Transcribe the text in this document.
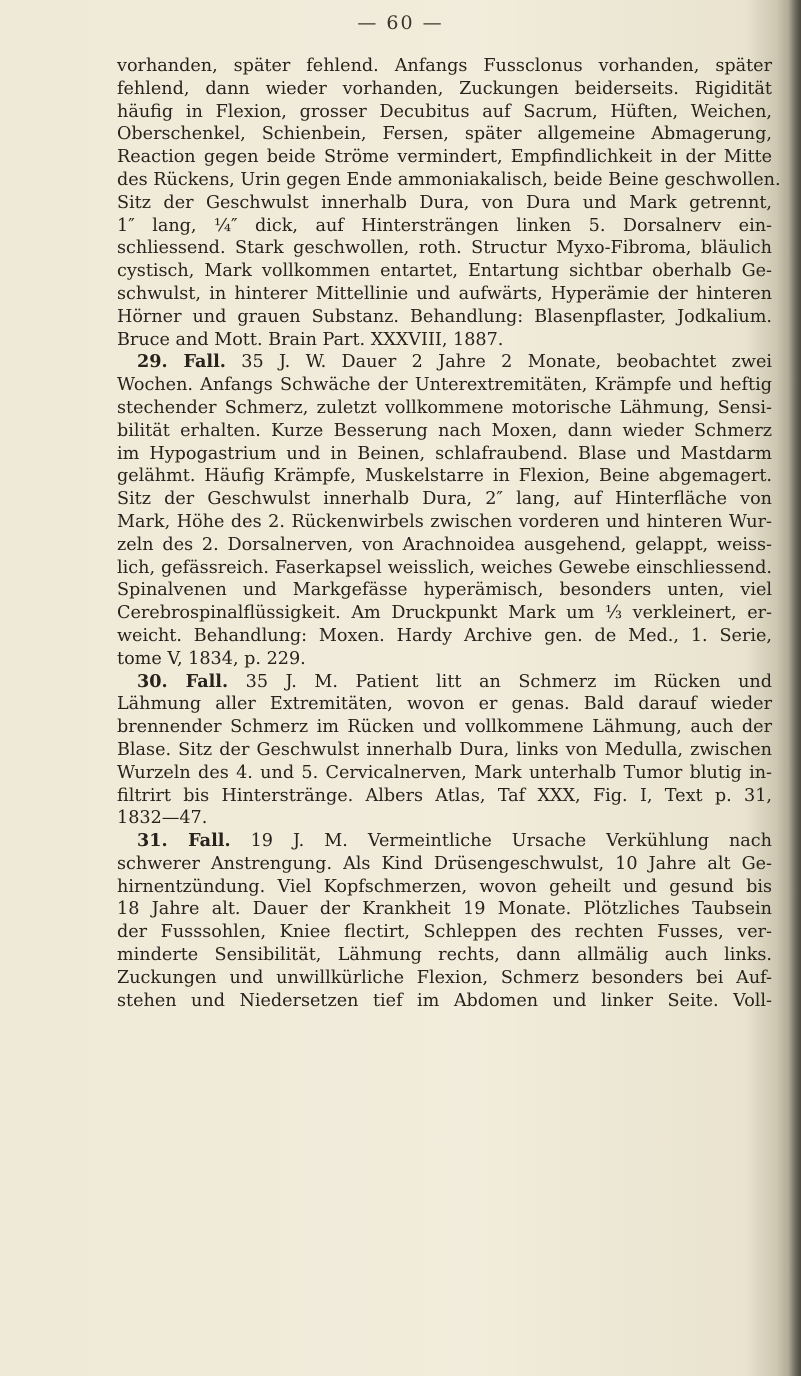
— 60 —
vorhanden, später fehlend. Anfangs Fussclonus vorhanden, später
fehlend, dann wieder vorhanden, Zuckungen beiderseits. Rigidität
häufig in Flexion, grosser Decubitus auf Sacrum, Hüften, Weichen,
Oberschenkel, Schienbein, Fersen, später allgemeine Abmagerung,
Reaction gegen beide Ströme vermindert, Empfindlichkeit in der Mitte
des Rückens, Urin gegen Ende ammoniakalisch, beide Beine geschwollen.
Sitz der Geschwulst innerhalb Dura, von Dura und Mark getrennt,
1″ lang, ¼″ dick, auf Hintersträngen linken 5. Dorsalnerv ein-
schliessend. Stark geschwollen, roth. Structur Myxo-Fibroma, bläulich
cystisch, Mark vollkommen entartet, Entartung sichtbar oberhalb Ge-
schwulst, in hinterer Mittellinie und aufwärts, Hyperämie der hinteren
Hörner und grauen Substanz. Behandlung: Blasenpflaster, Jodkalium.
Bruce and Mott. Brain Part. XXXVIII, 1887.
29. Fall. 35 J. W. Dauer 2 Jahre 2 Monate, beobachtet zwei
Wochen. Anfangs Schwäche der Unterextremitäten, Krämpfe und heftig
stechender Schmerz, zuletzt vollkommene motorische Lähmung, Sensi-
bilität erhalten. Kurze Besserung nach Moxen, dann wieder Schmerz
im Hypogastrium und in Beinen, schlafraubend. Blase und Mastdarm
gelähmt. Häufig Krämpfe, Muskelstarre in Flexion, Beine abgemagert.
Sitz der Geschwulst innerhalb Dura, 2″ lang, auf Hinterfläche von
Mark, Höhe des 2. Rückenwirbels zwischen vorderen und hinteren Wur-
zeln des 2. Dorsalnerven, von Arachnoidea ausgehend, gelappt, weiss-
lich, gefässreich. Faserkapsel weisslich, weiches Gewebe einschliessend.
Spinalvenen und Markgefässe hyperämisch, besonders unten, viel
Cerebrospinalflüssigkeit. Am Druckpunkt Mark um ⅓ verkleinert, er-
weicht. Behandlung: Moxen. Hardy Archive gen. de Med., 1. Serie,
tome V, 1834, p. 229.
30. Fall. 35 J. M. Patient litt an Schmerz im Rücken und
Lähmung aller Extremitäten, wovon er genas. Bald darauf wieder
brennender Schmerz im Rücken und vollkommene Lähmung, auch der
Blase. Sitz der Geschwulst innerhalb Dura, links von Medulla, zwischen
Wurzeln des 4. und 5. Cervicalnerven, Mark unterhalb Tumor blutig in-
filtrirt bis Hinterstränge. Albers Atlas, Taf XXX, Fig. I, Text p. 31,
1832—47.
31. Fall. 19 J. M. Vermeintliche Ursache Verkühlung nach
schwerer Anstrengung. Als Kind Drüsengeschwulst, 10 Jahre alt Ge-
hirnentzündung. Viel Kopfschmerzen, wovon geheilt und gesund bis
18 Jahre alt. Dauer der Krankheit 19 Monate. Plötzliches Taubsein
der Fusssohlen, Kniee flectirt, Schleppen des rechten Fusses, ver-
minderte Sensibilität, Lähmung rechts, dann allmälig auch links.
Zuckungen und unwillkürliche Flexion, Schmerz besonders bei Auf-
stehen und Niedersetzen tief im Abdomen und linker Seite. Voll-
